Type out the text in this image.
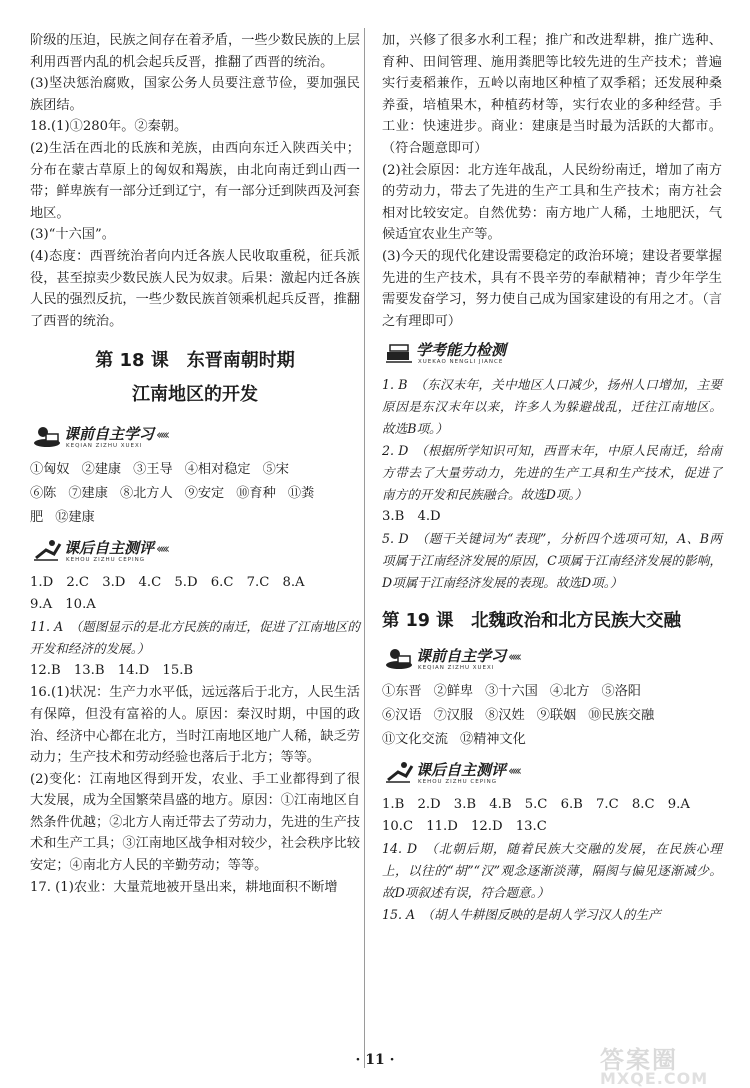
阶级的压迫，民族之间存在着矛盾，一些少数民族的上层利用西晋内乱的机会起兵反晋，推翻了西晋的统治。

(3)坚决惩治腐败，国家公务人员要注意节俭，要加强民族团结。

18.(1)①280年。②秦朝。

(2)生活在西北的氐族和羌族，由西向东迁入陕西关中；分布在蒙古草原上的匈奴和羯族，由北向南迁到山西一带；鲜卑族有一部分迁到辽宁，有一部分迁到陕西及河套地区。

(3)“十六国”。

(4)态度：西晋统治者向内迁各族人民收取重税，征兵派役，甚至掠卖少数民族人民为奴隶。后果：激起内迁各族人民的强烈反抗，一些少数民族首领乘机起兵反晋，推翻了西晋的统治。

第 18 课　东晋南朝时期
江南地区的开发
课前自主学习
KEQIAN ZIZHU XUEXI
‹‹‹‹‹
①匈奴 ②建康 ③王导 ④相对稳定 ⑤宋
⑥陈 ⑦建康 ⑧北方人 ⑨安定 ⑩育种 ⑪粪
肥 ⑫建康
课后自主测评
KEHOU ZIZHU CEPING
‹‹‹‹‹

1.D　2.C　3.D　4.C　5.D　6.C　7.C　8.A

9.A　10.A

11. A　（题图显示的是北方民族的南迁，促进了江南地区的开发和经济的发展。）

12.B　13.B　14.D　15.B

16.(1)状况：生产力水平低，远远落后于北方，人民生活有保障，但没有富裕的人。原因：秦汉时期，中国的政治、经济中心都在北方，当时江南地区地广人稀，缺乏劳动力；生产技术和劳动经验也落后于北方；等等。

(2)变化：江南地区得到开发，农业、手工业都得到了很大发展，成为全国繁荣昌盛的地方。原因：①江南地区自然条件优越；②北方人南迁带去了劳动力，先进的生产技术和生产工具；③江南地区战争相对较少，社会秩序比较安定；④南北方人民的辛勤劳动；等等。

17. (1)农业：大量荒地被开垦出来，耕地面积不断增

加，兴修了很多水利工程；推广和改进犁耕，推广选种、育种、田间管理、施用粪肥等比较先进的生产技术；普遍实行麦稻兼作，五岭以南地区种植了双季稻；还发展种桑养蚕，培植果木，种植药材等，实行农业的多种经营。手工业：快速进步。商业：建康是当时最为活跃的大都市。（符合题意即可）

(2)社会原因：北方连年战乱，人民纷纷南迁，增加了南方的劳动力，带去了先进的生产工具和生产技术；南方社会相对比较安定。自然优势：南方地广人稀，土地肥沃，气候适宜农业生产等。

(3)今天的现代化建设需要稳定的政治环境；建设者要掌握先进的生产技术，具有不畏辛劳的奉献精神；青少年学生需要发奋学习，努力使自己成为国家建设的有用之才。（言之有理即可）

学考能力检测
XUEKAO NENGLI JIANCE

1. B　（东汉末年，关中地区人口减少，扬州人口增加，主要原因是东汉末年以来，许多人为躲避战乱，迁往江南地区。故选B项。）

2. D　（根据所学知识可知，西晋末年，中原人民南迁，给南方带去了大量劳动力，先进的生产工具和生产技术，促进了南方的开发和民族融合。故选D项。）

3.B　4.D

5. D　（题干关键词为“表现”，分析四个选项可知，A、B两项属于江南经济发展的原因，C项属于江南经济发展的影响，D项属于江南经济发展的表现。故选D项。）

第 19 课　北魏政治和北方民族大交融
课前自主学习
KEQIAN ZIZHU XUEXI
‹‹‹‹‹
①东晋 ②鲜卑 ③十六国 ④北方 ⑤洛阳
⑥汉语 ⑦汉服 ⑧汉姓 ⑨联姻 ⑩民族交融
⑪文化交流 ⑫精神文化
课后自主测评
KEHOU ZIZHU CEPING
‹‹‹‹‹

1.B　2.D　3.B　4.B　5.C　6.B　7.C　8.C　9.A

10.C　11.D　12.D　13.C

14. D　（北朝后期，随着民族大交融的发展，在民族心理上，以往的“胡”“汉”观念逐渐淡薄，隔阂与偏见逐渐减少。故D项叙述有误，符合题意。）

15. A　（胡人牛耕图反映的是胡人学习汉人的生产

· 11 ·	答案圈
MXQE.COM
